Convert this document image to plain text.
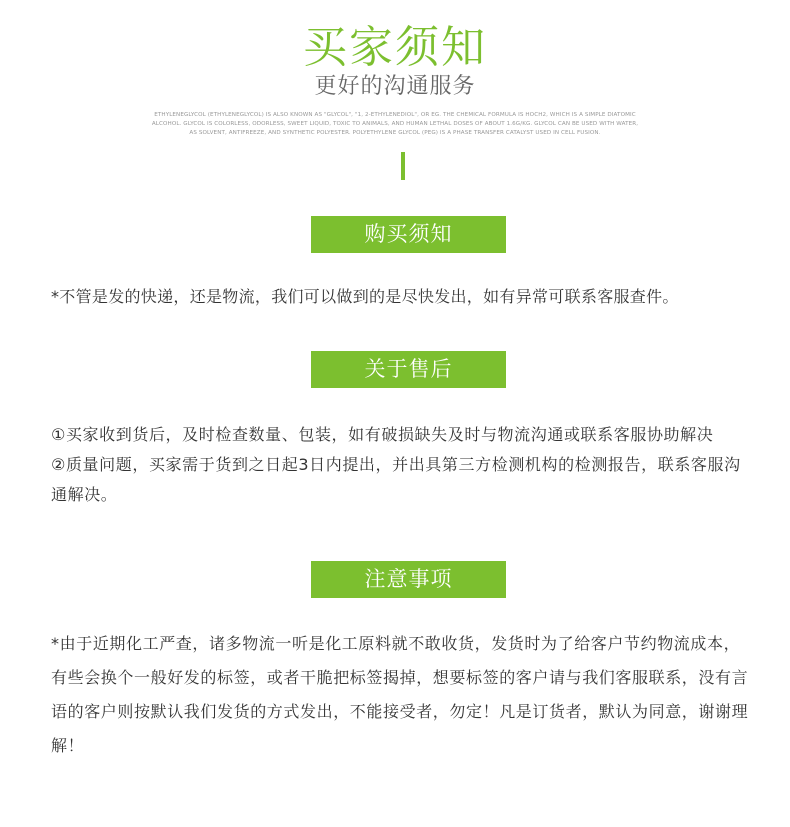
买家须知
更好的沟通服务
ETHYLENEGLYCOL (ETHYLENEGLYCOL) IS ALSO KNOWN AS "GLYCOL", "1, 2-ETHYLENEDIOL", OR EG. THE CHEMICAL FORMULA IS HOCH2, WHICH IS A SIMPLE DIATOMIC ALCOHOL. GLYCOL IS COLORLESS, ODORLESS, SWEET LIQUID, TOXIC TO ANIMALS, AND HUMAN LETHAL DOSES OF ABOUT 1.6G/KG. GLYCOL CAN BE USED WITH WATER, AS SOLVENT, ANTIFREEZE, AND SYNTHETIC POLYESTER. POLYETHYLENE GLYCOL (PEG) IS A PHASE TRANSFER CATALYST USED IN CELL FUSION.
购买须知

*不管是发的快递，还是物流，我们可以做到的是尽快发出，如有异常可联系客服查件。

关于售后

①买家收到货后，及时检查数量、包装，如有破损缺失及时与物流沟通或联系客服协助解决

②质量问题，买家需于货到之日起3日内提出，并出具第三方检测机构的检测报告，联系客服沟通解决。

注意事项

*由于近期化工严查，诸多物流一听是化工原料就不敢收货，发货时为了给客户节约物流成本，有些会换个一般好发的标签，或者干脆把标签揭掉，想要标签的客户请与我们客服联系，没有言语的客户则按默认我们发货的方式发出，不能接受者，勿定！凡是订货者，默认为同意，谢谢理解！
